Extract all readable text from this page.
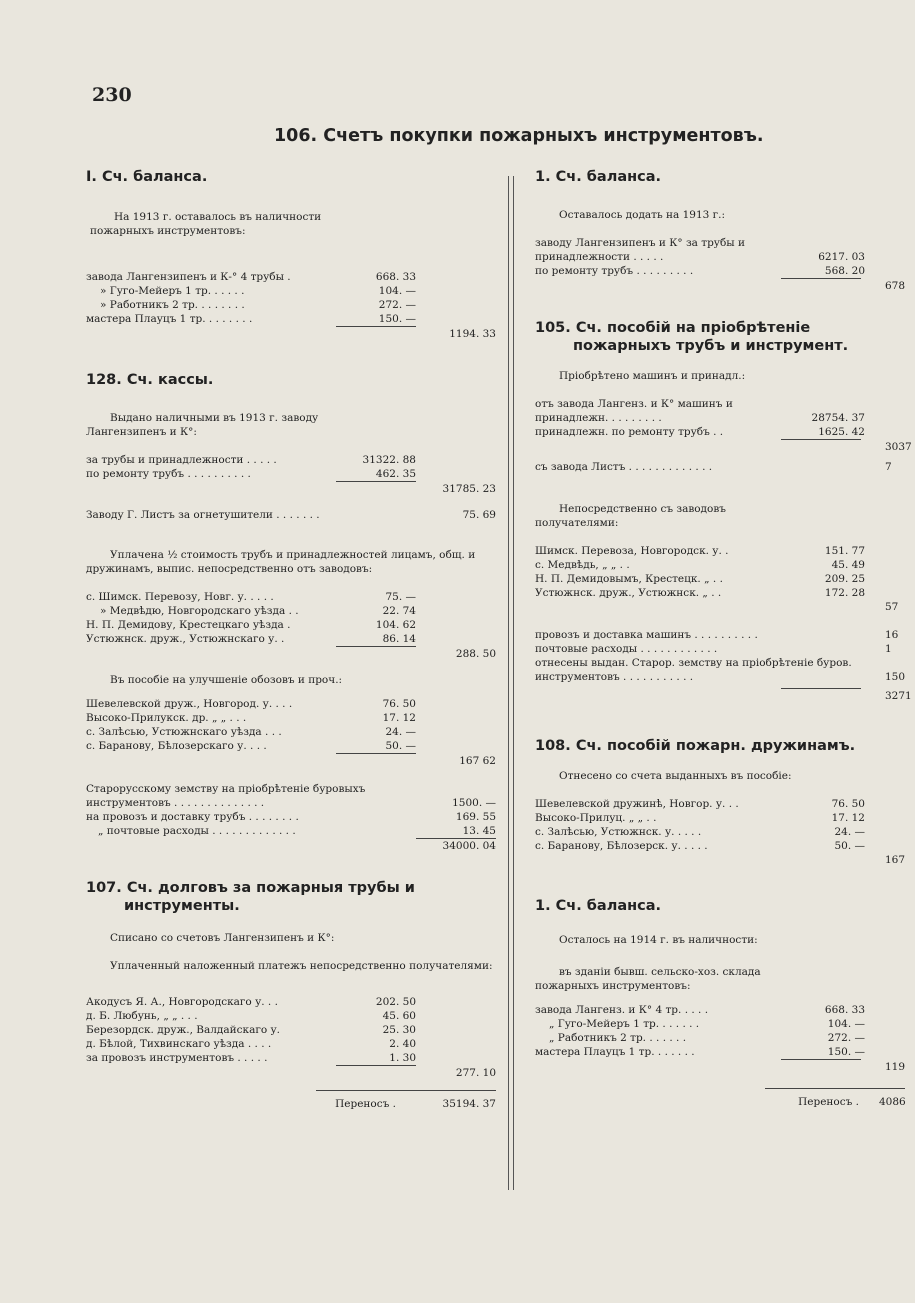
230
106. Счетъ покупки пожарныхъ инструментовъ.

I. Сч. баланса.

На 1913 г. оставалось въ наличности пожарныхъ инструментовъ:

завода Лангензипенъ и К-° 4 трубы .	668. 33
» Гуго-Мейеръ 1 тр. . . . . .	104. —
» Работникъ 2 тр. . . . . . . .	272. —
мастера Плауцъ 1 тр. . . . . . . .	150. —
1194. 33

128. Сч. кассы.

Выдано наличными въ 1913 г. заводу Лангензипенъ и К°:

за трубы и принадлежности . . . . .	31322. 88
по ремонту трубъ . . . . . . . . . .	462. 35
31785. 23
Заводу Г. Листъ за огнетушители . . . . . . .	75. 69

Уплачена ½ стоимость трубъ и принадлежностей лицамъ, общ. и дружинамъ, выпис. непосредственно отъ заводовъ:

с. Шимск. Перевозу, Новг. у. . . . .	75. —
» Медвѣдю, Новгородскаго уѣзда . .	22. 74
Н. П. Демидову, Крестецкаго уѣзда .	104. 62
Устюжнск. друж., Устюжнскаго у. .	86. 14
288. 50

Въ пособіе на улучшеніе обозовъ и проч.:

Шевелевской друж., Новгород. у. . . .	76. 50
Высоко-Прилукск. др. „ „ . . .	17. 12
с. Залѣсью, Устюжнскаго уѣзда . . .	24. —
с. Баранову, Бѣлозерскаго у. . . .	50. —
167 62
Старорусскому земству на пріобрѣтеніе буровыхъ инструментовъ . . . . . . . . . . . . . .	1500. —
на провозъ и доставку трубъ . . . . . . . .	169. 55
„ почтовые расходы . . . . . . . . . . . . .	13. 45
34000. 04

107. Сч. долговъ за пожарныя трубы и инструменты.

Списано со счетовъ Лангензипенъ и К°:

Уплаченный наложенный платежъ непосредственно получателями:

Акодусъ Я. А., Новгородскаго у. . .	202. 50
д. Б. Любунь, „ „ . . .	45. 60
Березордск. друж., Валдайскаго у.	25. 30
д. Бѣлой, Тихвинскаго уѣзда . . . .	2. 40
за провозъ инструментовъ . . . . .	1. 30
277. 10
Переносъ .	35194. 37

1. Сч. баланса.

Оставалось додать на 1913 г.:

заводу Лангензипенъ и К° за трубы и принадлежности . . . . .	6217. 03
по ремонту трубъ . . . . . . . . .	568. 20
678

105. Сч. пособій на пріобрѣтеніе пожарныхъ трубъ и инструмент.

Пріобрѣтено машинъ и принадл.:

отъ завода Лангенз. и К° машинъ и принадлежн. . . . . . . . .	28754. 37
принадлежн. по ремонту трубъ . .	1625. 42
3037
съ завода Листъ . . . . . . . . . . . . .	7

Непосредственно съ заводовъ получателями:

Шимск. Перевоза, Новгородск. у. .	151. 77
с. Медвѣдь, „ „ . .	45. 49
Н. П. Демидовымъ, Крестецк. „ . .	209. 25
Устюжнск. друж., Устюжнск. „ . .	172. 28
57
провозъ и доставка машинъ . . . . . . . . . .	16
почтовые расходы . . . . . . . . . . . .	1
отнесены выдан. Старор. земству на пріобрѣтеніе буров. инструментовъ . . . . . . . . . . .	150
3271

108. Сч. пособій пожарн. дружинамъ.

Отнесено со счета выданныхъ въ пособіе:

Шевелевской дружинѣ, Новгор. у. . .	76. 50
Высоко-Прилуц. „ „ . .	17. 12
с. Залѣсью, Устюжнск. у. . . . .	24. —
с. Баранову, Бѣлозерск. у. . . . .	50. —
167

1. Сч. баланса.

Осталось на 1914 г. въ наличности:

въ зданіи бывш. сельско-хоз. склада пожарныхъ инструментовъ:

завода Лангенз. и К° 4 тр. . . . .	668. 33
„ Гуго-Мейеръ 1 тр. . . . . . .	104. —
„ Работникъ 2 тр. . . . . . .	272. —
мастера Плауцъ 1 тр. . . . . . .	150. —
119
Переносъ .	4086
